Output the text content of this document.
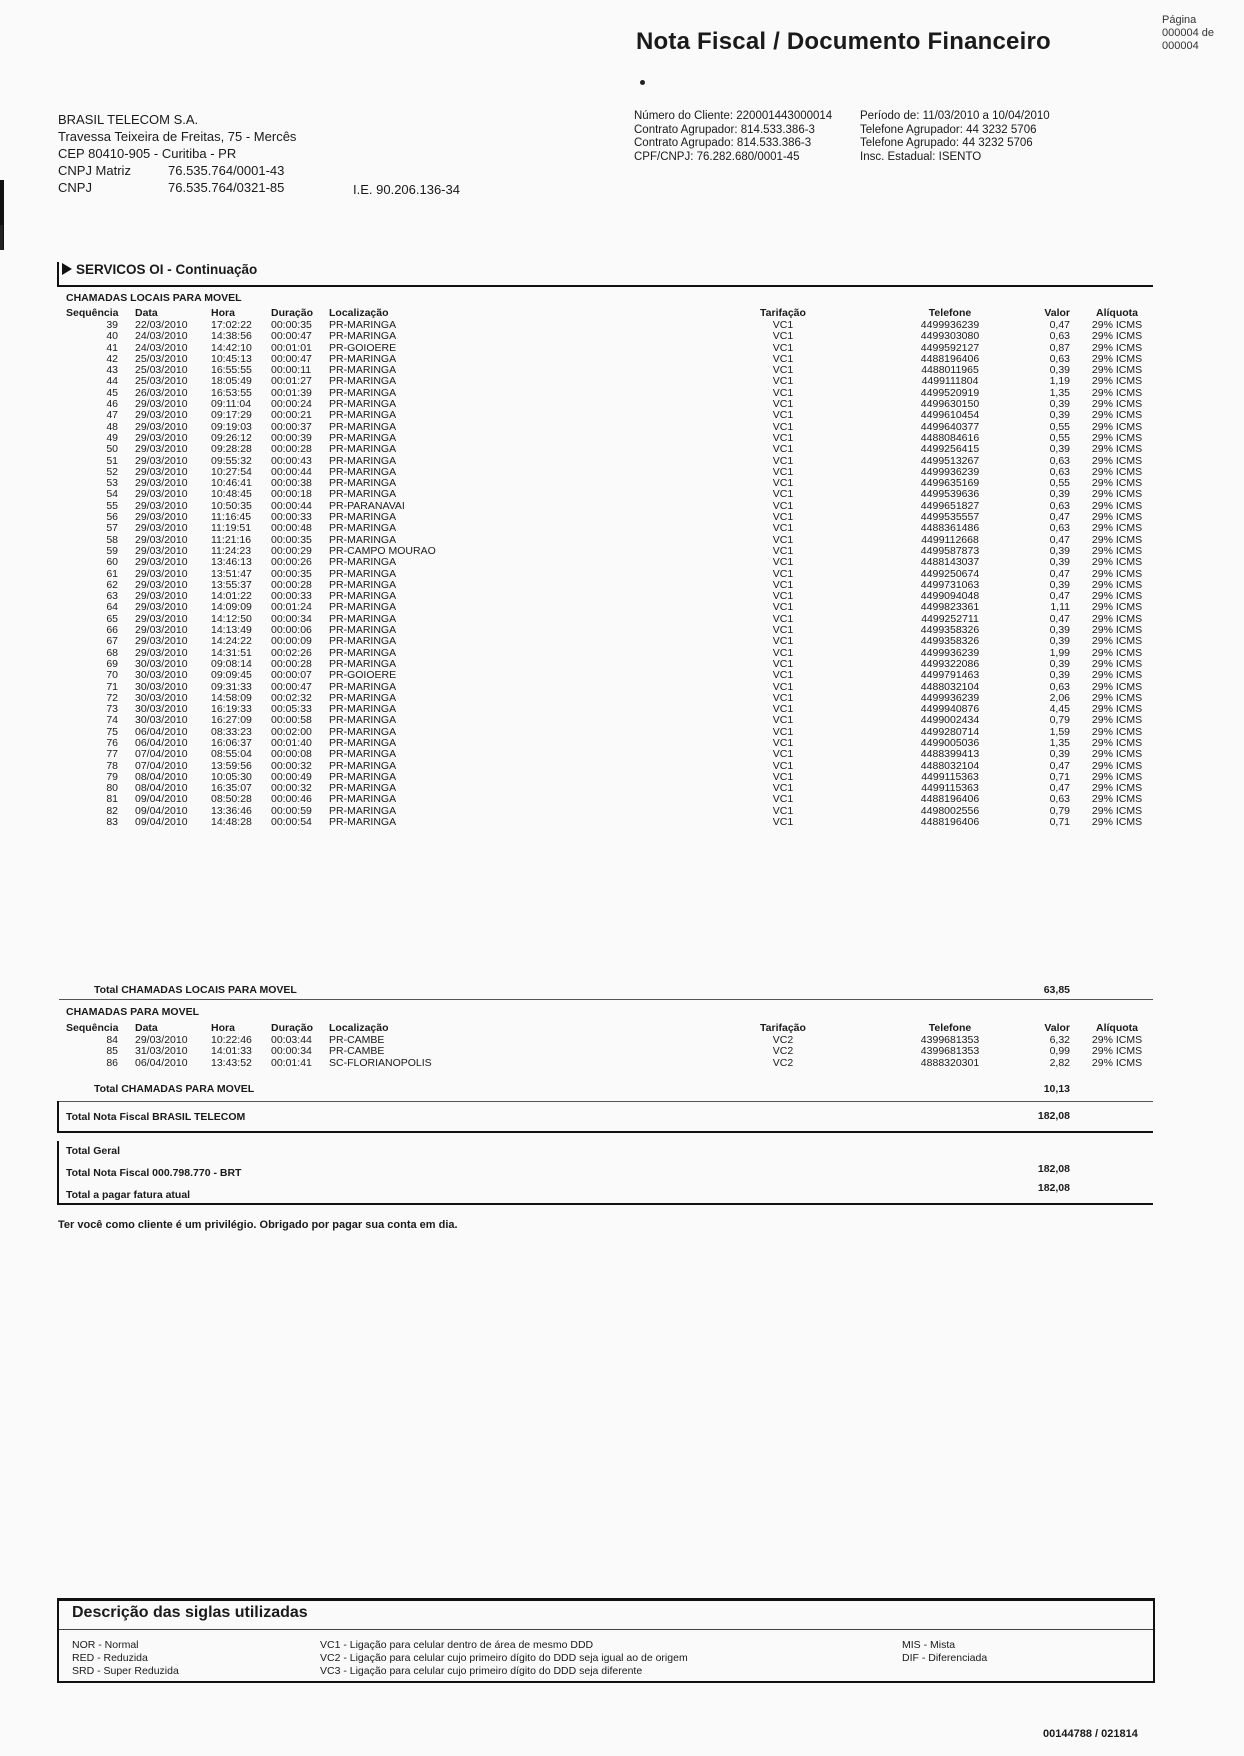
Página
000004 de
000004
Nota Fiscal / Documento Financeiro
BRASIL TELECOM S.A.
Travessa Teixeira de Freitas, 75 - Mercês
CEP 80410-905 - Curitiba - PR
CNPJ Matriz	76.535.764/0001-43
CNPJ	76.535.764/0321-85	I.E. 90.206.136-34
Número do Cliente: 220001443000014
Contrato Agrupador: 814.533.386-3
Contrato Agrupado: 814.533.386-3
CPF/CNPJ: 76.282.680/0001-45
Período de: 11/03/2010 a 10/04/2010
Telefone Agrupador: 44 3232 5706
Telefone Agrupado: 44 3232 5706
Insc. Estadual: ISENTO
SERVICOS OI - Continuação
CHAMADAS LOCAIS PARA MOVEL
Sequência	Data	Hora	Duração Localização	Tarifação	Telefone	Valor	Alíquota
39 22/03/2010 17:02:22 00:00:35 PR-MARINGA	VC1	4499936239	0,47	29% ICMS
40 24/03/2010 14:38:56 00:00:47 PR-MARINGA	VC1	4499303080	0,63	29% ICMS
41 24/03/2010 14:42:10 00:01:01 PR-GOIOERE	VC1	4499592127	0,87	29% ICMS
42 25/03/2010 10:45:13 00:00:47 PR-MARINGA	VC1	4488196406	0,63	29% ICMS
43 25/03/2010 16:55:55 00:00:11 PR-MARINGA	VC1	4488011965	0,39	29% ICMS
44 25/03/2010 18:05:49 00:01:27 PR-MARINGA	VC1	4499111804	1,19	29% ICMS
45 26/03/2010 16:53:55 00:01:39 PR-MARINGA	VC1	4499520919	1,35	29% ICMS
46 29/03/2010 09:11:04 00:00:24 PR-MARINGA	VC1	4499630150	0,39	29% ICMS
47 29/03/2010 09:17:29 00:00:21 PR-MARINGA	VC1	4499610454	0,39	29% ICMS
48 29/03/2010 09:19:03 00:00:37 PR-MARINGA	VC1	4499640377	0,55	29% ICMS
49 29/03/2010 09:26:12 00:00:39 PR-MARINGA	VC1	4488084616	0,55	29% ICMS
50 29/03/2010 09:28:28 00:00:28 PR-MARINGA	VC1	4499256415	0,39	29% ICMS
51 29/03/2010 09:55:32 00:00:43 PR-MARINGA	VC1	4499513267	0,63	29% ICMS
52 29/03/2010 10:27:54 00:00:44 PR-MARINGA	VC1	4499936239	0,63	29% ICMS
53 29/03/2010 10:46:41 00:00:38 PR-MARINGA	VC1	4499635169	0,55	29% ICMS
54 29/03/2010 10:48:45 00:00:18 PR-MARINGA	VC1	4499539636	0,39	29% ICMS
55 29/03/2010 10:50:35 00:00:44 PR-PARANAVAI	VC1	4499651827	0,63	29% ICMS
56 29/03/2010 11:16:45 00:00:33 PR-MARINGA	VC1	4499535557	0,47	29% ICMS
57 29/03/2010 11:19:51 00:00:48 PR-MARINGA	VC1	4488361486	0,63	29% ICMS
58 29/03/2010 11:21:16 00:00:35 PR-MARINGA	VC1	4499112668	0,47	29% ICMS
59 29/03/2010 11:24:23 00:00:29 PR-CAMPO MOURAO	VC1	4499587873	0,39	29% ICMS
60 29/03/2010 13:46:13 00:00:26 PR-MARINGA	VC1	4488143037	0,39	29% ICMS
61 29/03/2010 13:51:47 00:00:35 PR-MARINGA	VC1	4499250674	0,47	29% ICMS
62 29/03/2010 13:55:37 00:00:28 PR-MARINGA	VC1	4499731063	0,39	29% ICMS
63 29/03/2010 14:01:22 00:00:33 PR-MARINGA	VC1	4499094048	0,47	29% ICMS
64 29/03/2010 14:09:09 00:01:24 PR-MARINGA	VC1	4499823361	1,11	29% ICMS
65 29/03/2010 14:12:50 00:00:34 PR-MARINGA	VC1	4499252711	0,47	29% ICMS
66 29/03/2010 14:13:49 00:00:06 PR-MARINGA	VC1	4499358326	0,39	29% ICMS
67 29/03/2010 14:24:22 00:00:09 PR-MARINGA	VC1	4499358326	0,39	29% ICMS
68 29/03/2010 14:31:51 00:02:26 PR-MARINGA	VC1	4499936239	1,99	29% ICMS
69 30/03/2010 09:08:14 00:00:28 PR-MARINGA	VC1	4499322086	0,39	29% ICMS
70 30/03/2010 09:09:45 00:00:07 PR-GOIOERE	VC1	4499791463	0,39	29% ICMS
71 30/03/2010 09:31:33 00:00:47 PR-MARINGA	VC1	4488032104	0,63	29% ICMS
72 30/03/2010 14:58:09 00:02:32 PR-MARINGA	VC1	4499936239	2,06	29% ICMS
73 30/03/2010 16:19:33 00:05:33 PR-MARINGA	VC1	4499940876	4,45	29% ICMS
74 30/03/2010 16:27:09 00:00:58 PR-MARINGA	VC1	4499002434	0,79	29% ICMS
75 06/04/2010 08:33:23 00:02:00 PR-MARINGA	VC1	4499280714	1,59	29% ICMS
76 06/04/2010 16:06:37 00:01:40 PR-MARINGA	VC1	4499005036	1,35	29% ICMS
77 07/04/2010 08:55:04 00:00:08 PR-MARINGA	VC1	4488399413	0,39	29% ICMS
78 07/04/2010 13:59:56 00:00:32 PR-MARINGA	VC1	4488032104	0,47	29% ICMS
79 08/04/2010 10:05:30 00:00:49 PR-MARINGA	VC1	4499115363	0,71	29% ICMS
80 08/04/2010 16:35:07 00:00:32 PR-MARINGA	VC1	4499115363	0,47	29% ICMS
81 09/04/2010 08:50:28 00:00:46 PR-MARINGA	VC1	4488196406	0,63	29% ICMS
82 09/04/2010 13:36:46 00:00:59 PR-MARINGA	VC1	4498002556	0,79	29% ICMS
83 09/04/2010 14:48:28 00:00:54 PR-MARINGA	VC1	4488196406	0,71	29% ICMS
Total CHAMADAS LOCAIS PARA MOVEL	63,85
CHAMADAS PARA MOVEL
Sequência	Data	Hora	Duração Localização	Tarifação	Telefone	Valor	Alíquota
84 29/03/2010 10:22:46 00:03:44 PR-CAMBE	VC2	4399681353	6,32	29% ICMS
85 31/03/2010 14:01:33 00:00:34 PR-CAMBE	VC2	4399681353	0,99	29% ICMS
86 06/04/2010 13:43:52 00:01:41 SC-FLORIANOPOLIS	VC2	4888320301	2,82	29% ICMS
Total CHAMADAS PARA MOVEL	10,13
Total Nota Fiscal BRASIL TELECOM	182,08
Total Geral
Total Nota Fiscal 000.798.770 - BRT	182,08
Total a pagar fatura atual
182,08
Ter você como cliente é um privilégio. Obrigado por pagar sua conta em dia.
Descrição das siglas utilizadas
NOR - Normal
RED - Reduzida
SRD - Super Reduzida
VC1 - Ligação para celular dentro de área de mesmo DDD
VC2 - Ligação para celular cujo primeiro dígito do DDD seja igual ao de origem
VC3 - Ligação para celular cujo primeiro dígito do DDD seja diferente
MIS - Mista
DIF - Diferenciada
00144788 / 021814
